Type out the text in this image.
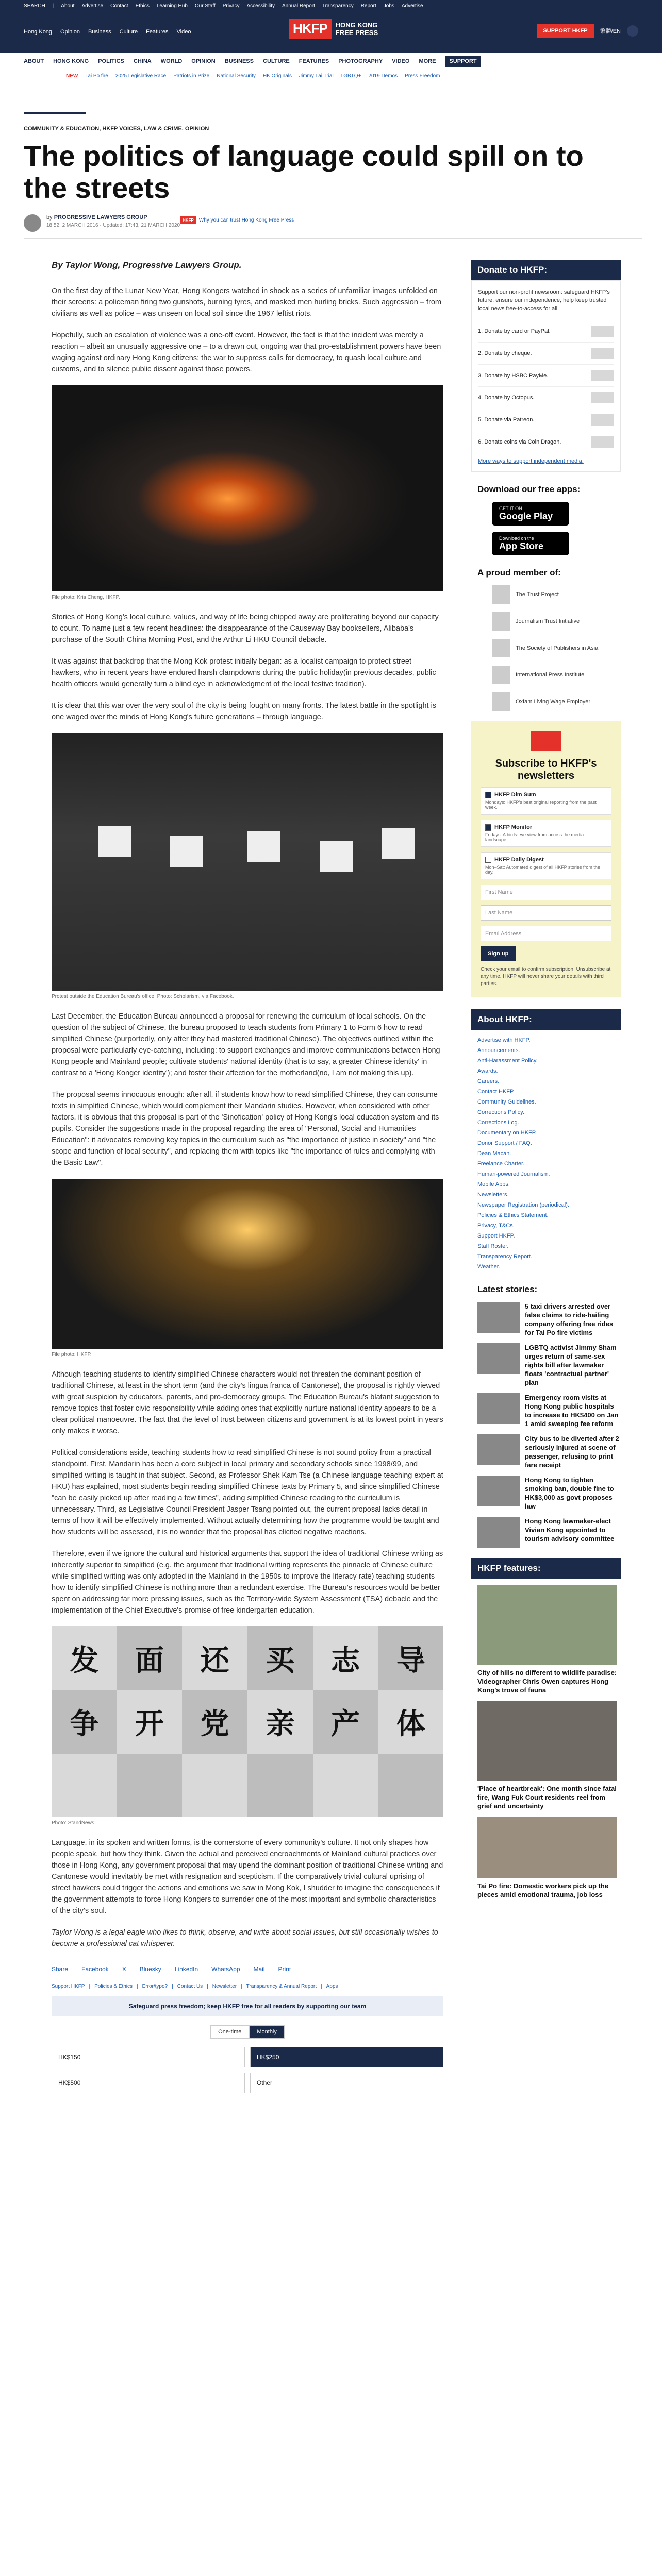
SEARCH | About Advertise Contact Ethics Learning Hub Our Staff Privacy Accessibility Annual Report Transparency Report Jobs Advertise
Hong Kong Opinion Business Culture Features Video	HKFP	HONG KONG
FREE PRESS	SUPPORT HKFP	繁體/EN
ABOUT HONG KONG POLITICS CHINA WORLD OPINION BUSINESS CULTURE FEATURES PHOTOGRAPHY VIDEO MORE	SUPPORT
NEW Tai Po fire 2025 Legislative Race Patriots in Prize National Security HK Originals Jimmy Lai Trial LGBTQ+ 2019 Demos Press Freedom
COMMUNITY & EDUCATION, HKFP VOICES, LAW & CRIME, OPINION
The politics of language could spill on to the streets
by PROGRESSIVE LAWYERS GROUP
18:52, 2 MARCH 2016 · Updated: 17:43, 21 MARCH 2020
HKFP	Why you can trust Hong Kong Free Press

By Taylor Wong, Progressive Lawyers Group.

On the first day of the Lunar New Year, Hong Kongers watched in shock as a series of unfamiliar images unfolded on their screens: a policeman firing two gunshots, burning tyres, and masked men hurling bricks. Such aggression – from civilians as well as police – was unseen on local soil since the 1967 leftist riots.

Hopefully, such an escalation of violence was a one-off event. However, the fact is that the incident was merely a reaction – albeit an unusually aggressive one – to a drawn out, ongoing war that pro-establishment powers have been waging against ordinary Hong Kong citizens: the war to suppress calls for democracy, to quash local culture and customs, and to silence public dissent against those powers.

File photo: Kris Cheng, HKFP.

Stories of Hong Kong's local culture, values, and way of life being chipped away are proliferating beyond our capacity to count. To name just a few recent headlines: the disappearance of the Causeway Bay booksellers, Alibaba's purchase of the South China Morning Post, and the Arthur Li HKU Council debacle.

It was against that backdrop that the Mong Kok protest initially began: as a localist campaign to protect street hawkers, who in recent years have endured harsh clampdowns during the public holiday(in previous decades, public health officers would generally turn a blind eye in acknowledgment of the local festive tradition).

It is clear that this war over the very soul of the city is being fought on many fronts. The latest battle in the spotlight is one waged over the minds of Hong Kong's future generations – through language.

Protest outside the Education Bureau's office. Photo: Scholarism, via Facebook.

Last December, the Education Bureau announced a proposal for renewing the curriculum of local schools. On the question of the subject of Chinese, the bureau proposed to teach students from Primary 1 to Form 6 how to read simplified Chinese (purportedly, only after they had mastered traditional Chinese). The objectives outlined within the proposal were particularly eye-catching, including: to support exchanges and improve communications between Hong Kong people and Mainland people; cultivate students' national identity (that is to say, a greater Chinese identity' in contrast to a 'Hong Konger identity'); and foster their affection for the motherland(no, I am not making this up).

The proposal seems innocuous enough: after all, if students know how to read simplified Chinese, they can consume texts in simplified Chinese, which would complement their Mandarin studies. However, when considered with other factors, it is obvious that this proposal is part of the 'Sinofication' policy of Hong Kong's local education system and its pupils. Consider the suggestions made in the proposal regarding the area of "Personal, Social and Humanities Education": it advocates removing key topics in the curriculum such as "the importance of justice in society" and "the scope and function of local security", and replacing them with topics like "the importance of rules and complying with the Basic Law".

File photo: HKFP.

Although teaching students to identify simplified Chinese characters would not threaten the dominant position of traditional Chinese, at least in the short term (and the city's lingua franca of Cantonese), the proposal is rightly viewed with great suspicion by educators, parents, and pro-democracy groups. The Education Bureau's blatant suggestion to remove topics that foster civic responsibility while adding ones that explicitly nurture national identity appears to be a clear political manoeuvre. The fact that the level of trust between citizens and government is at its lowest point in years only makes it worse.

Political considerations aside, teaching students how to read simplified Chinese is not sound policy from a practical standpoint. First, Mandarin has been a core subject in local primary and secondary schools since 1998/99, and simplified writing is taught in that subject. Second, as Professor Shek Kam Tse (a Chinese language teaching expert at HKU) has explained, most students begin reading simplified Chinese texts by Primary 5, and since simplified Chinese "can be easily picked up after reading a few times", adding simplified Chinese reading to the curriculum is unnecessary. Third, as Legislative Council President Jasper Tsang pointed out, the current proposal lacks detail in terms of how it will be effectively implemented. Without actually determining how the programme would be taught and how students will be assessed, it is no wonder that the proposal has elicited negative reactions.

Therefore, even if we ignore the cultural and historical arguments that support the idea of traditional Chinese writing as inherently superior to simplified (e.g. the argument that traditional writing represents the pinnacle of Chinese culture while simplified writing was only adopted in the Mainland in the 1950s to improve the literacy rate) teaching students how to identify simplified Chinese is nothing more than a redundant exercise. The Bureau's resources would be better spent on addressing far more pressing issues, such as the Territory-wide System Assessment (TSA) debacle and the implementation of the Chief Executive's promise of free kindergarten education.

发	面	还	买	志	导
争	开	党	亲	产	体
Photo: StandNews.

Language, in its spoken and written forms, is the cornerstone of every community's culture. It not only shapes how people speak, but how they think. Given the actual and perceived encroachments of Mainland cultural practices over those in Hong Kong, any government proposal that may upend the dominant position of traditional Chinese writing and Cantonese would inevitably be met with resignation and scepticism. If the comparatively trivial cultural uprising of street hawkers could trigger the actions and emotions we saw in Mong Kok, I shudder to imagine the consequences if the government attempts to force Hong Kongers to surrender one of the most important and symbolic characteristics of the city's soul.

Taylor Wong is a legal eagle who likes to think, observe, and write about social issues, but still occasionally wishes to become a professional cat whisperer.

Share Facebook X Bluesky LinkedIn WhatsApp Mail Print
Support HKFP | Policies & Ethics | Error/typo? | Contact Us | Newsletter | Transparency & Annual Report | Apps
Safeguard press freedom; keep HKFP free for all readers by supporting our team
One-time	Monthly
HK$150	HK$250
HK$500	Other
Donate to HKFP:
Support our non-profit newsroom: safeguard HKFP's future, ensure our independence, help keep trusted local news free-to-access for all.
1. Donate by card or PayPal.
2. Donate by cheque.
3. Donate by HSBC PayMe.
4. Donate by Octopus.
5. Donate via Patreon.
6. Donate coins via Coin Dragon.
More ways to support independent media.
Download our free apps:
GET IT ON
Google Play
Download on the
App Store
A proud member of:
The Trust Project
Journalism Trust Initiative
The Society of Publishers in Asia
International Press Institute
Oxfam Living Wage Employer
Subscribe to HKFP's newsletters
HKFP Dim Sum
Mondays: HKFP's best original reporting from the past week.
HKFP Monitor
Fridays: A birds-eye view from across the media landscape.
HKFP Daily Digest
Mon–Sat: Automated digest of all HKFP stories from the day.
First Name
Last Name
Email Address
Sign up
Check your email to confirm subscription. Unsubscribe at any time. HKFP will never share your details with third parties.
About HKFP:
Advertise with HKFP.
Announcements.
Anti-Harassment Policy.
Awards.
Careers.
Contact HKFP.
Community Guidelines.
Corrections Policy.
Corrections Log.
Documentary on HKFP.
Donor Support / FAQ.
Dean Macan.
Freelance Charter.
Human-powered Journalism.
Mobile Apps.
Newsletters.
Newspaper Registration (periodical).
Policies & Ethics Statement.
Privacy, T&Cs.
Support HKFP.
Staff Roster.
Transparency Report.
Weather.
Latest stories:
5 taxi drivers arrested over false claims to ride-hailing company offering free rides for Tai Po fire victims
LGBTQ activist Jimmy Sham urges return of same-sex rights bill after lawmaker floats 'contractual partner' plan
Emergency room visits at Hong Kong public hospitals to increase to HK$400 on Jan 1 amid sweeping fee reform
City bus to be diverted after 2 seriously injured at scene of passenger, refusing to print fare receipt
Hong Kong to tighten smoking ban, double fine to HK$3,000 as govt proposes law
Hong Kong lawmaker-elect Vivian Kong appointed to tourism advisory committee
HKFP features:
City of hills no different to wildlife paradise: Videographer Chris Owen captures Hong Kong's trove of fauna
'Place of heartbreak': One month since fatal fire, Wang Fuk Court residents reel from grief and uncertainty
Tai Po fire: Domestic workers pick up the pieces amid emotional trauma, job loss
